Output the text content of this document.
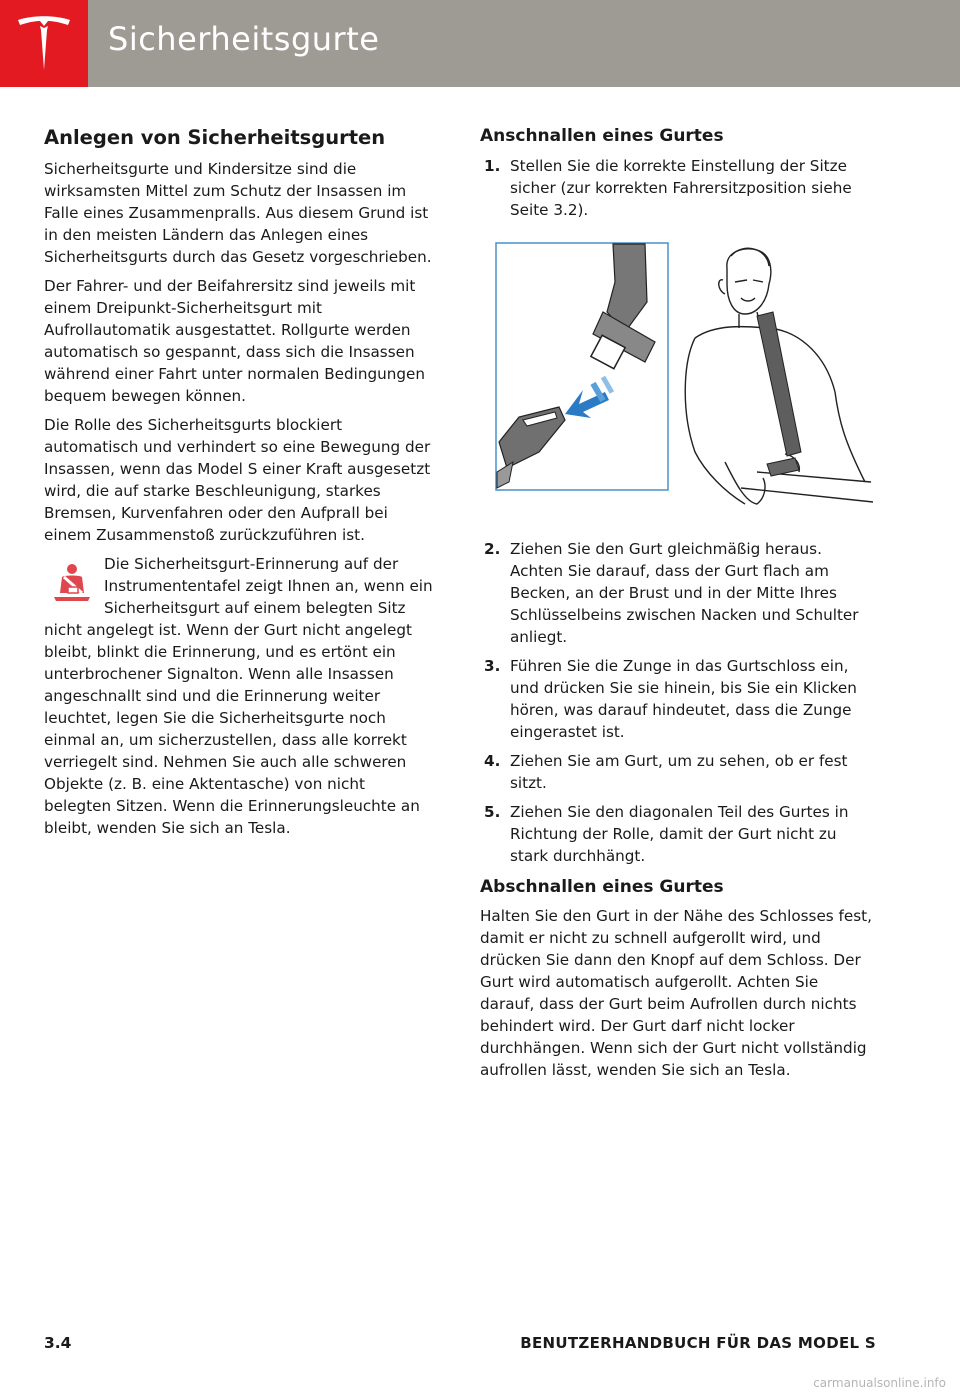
Sicherheitsgurte
Anlegen von Sicherheitsgurten

Sicherheitsgurte und Kindersitze sind die wirksamsten Mittel zum Schutz der Insassen im Falle eines Zusammenpralls. Aus diesem Grund ist in den meisten Ländern das Anlegen eines Sicherheitsgurts durch das Gesetz vorgeschrieben.

Der Fahrer- und der Beifahrersitz sind jeweils mit einem Dreipunkt-Sicherheitsgurt mit Aufrollautomatik ausgestattet. Rollgurte werden automatisch so gespannt, dass sich die Insassen während einer Fahrt unter normalen Bedingungen bequem bewegen können.

Die Rolle des Sicherheitsgurts blockiert automatisch und verhindert so eine Bewegung der Insassen, wenn das Model S einer Kraft ausgesetzt wird, die auf starke Beschleunigung, starkes Bremsen, Kurvenfahren oder den Aufprall bei einem Zusammenstoß zurückzuführen ist.

Die Sicherheitsgurt-Erinnerung auf der Instrumententafel zeigt Ihnen an, wenn ein Sicherheitsgurt auf einem belegten Sitz nicht angelegt ist. Wenn der Gurt nicht angelegt bleibt, blinkt die Erinnerung, und es ertönt ein unterbrochener Signalton. Wenn alle Insassen angeschnallt sind und die Erinnerung weiter leuchtet, legen Sie die Sicherheitsgurte noch einmal an, um sicherzustellen, dass alle korrekt verriegelt sind. Nehmen Sie auch alle schweren Objekte (z. B. eine Aktentasche) von nicht belegten Sitzen. Wenn die Erinnerungsleuchte an bleibt, wenden Sie sich an Tesla.

Anschnallen eines Gurtes
1. Stellen Sie die korrekte Einstellung der Sitze sicher (zur korrekten Fahrersitzposition siehe Seite 3.2).
2. Ziehen Sie den Gurt gleichmäßig heraus. Achten Sie darauf, dass der Gurt flach am Becken, an der Brust und in der Mitte Ihres Schlüsselbeins zwischen Nacken und Schulter anliegt.
3. Führen Sie die Zunge in das Gurtschloss ein, und drücken Sie sie hinein, bis Sie ein Klicken hören, was darauf hindeutet, dass die Zunge eingerastet ist.
4. Ziehen Sie am Gurt, um zu sehen, ob er fest sitzt.
5. Ziehen Sie den diagonalen Teil des Gurtes in Richtung der Rolle, damit der Gurt nicht zu stark durchhängt.
Abschnallen eines Gurtes

Halten Sie den Gurt in der Nähe des Schlosses fest, damit er nicht zu schnell aufgerollt wird, und drücken Sie dann den Knopf auf dem Schloss. Der Gurt wird automatisch aufgerollt. Achten Sie darauf, dass der Gurt beim Aufrollen durch nichts behindert wird. Der Gurt darf nicht locker durchhängen. Wenn sich der Gurt nicht vollständig aufrollen lässt, wenden Sie sich an Tesla.

3.4	BENUTZERHANDBUCH FÜR DAS MODEL S
carmanualsonline.info
